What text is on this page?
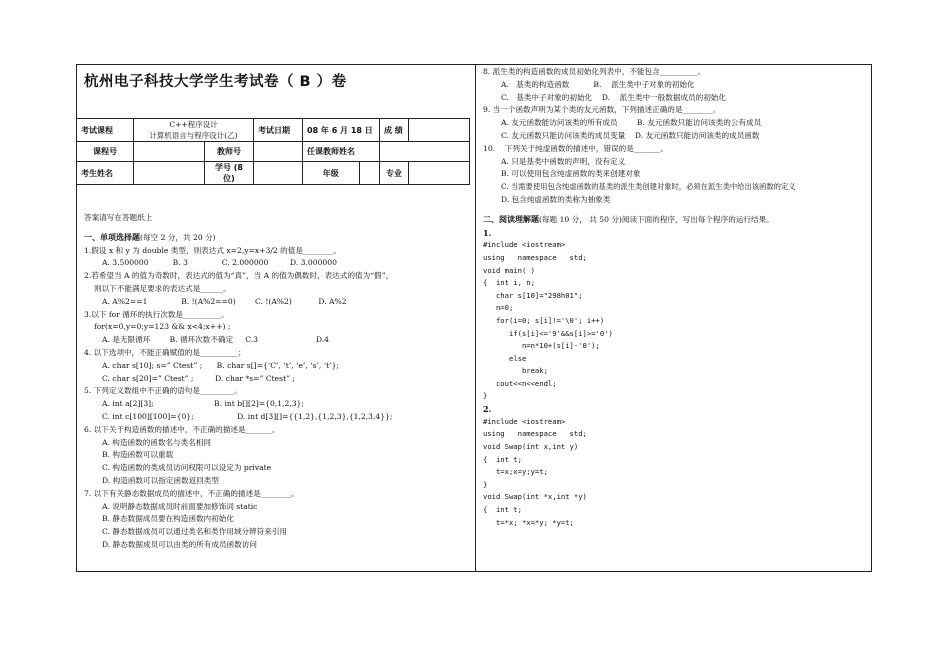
杭州电子科技大学学生考试卷（ B ）卷
考试课程	C++程序设计
计算机语言与程序设计(乙)		考试日期	08 年 6 月 18 日		成 绩	
课程号		教师号		任课教师姓名			
考生姓名		学号 (8 位)		年级		专业	
答案请写在答题纸上
一、单项选择题(每空 2 分，共 20 分)
1.假设 x 和 y 为 double 类型，则表达式 x=2,y=x+3/2 的值是________。
A. 3.500000          B. 3              C. 2.000000         D. 3.000000
2.若希望当 A 的值为奇数时，表达式的值为“真”，当 A 的值为偶数时，表达式的值为“假”，
则以下不能满足要求的表达式是______。
A. A%2==1              B. !(A%2==0)        C. !(A%2)           D. A%2
3.以下 for 循环的执行次数是__________。
for(x=0,y=0;y=123 && x<4;x++) ;
A. 是无限循环        B. 循环次数不确定     C.3                        D.4
4. 以下选项中，不能正确赋值的是__________；
A. char s[10]; s=” Ctest” ;      B. char s[]={‘C’, ‘t’, ‘e’, ‘s’, ‘t’};
C. char s[20]=” Ctest” ;         D. char *s=” Ctest” ;
5. 下列定义数组中不正确的语句是_________。
A. int a[2][3];                         B. int b[][2]={0,1,2,3};
C. int c[100][100]={0};                  D. int d[3][]={{1,2},{1,2,3},{1,2,3,4}};
6. 以下关于构造函数的描述中，不正确的描述是_______。
A. 构造函数的函数名与类名相同
B. 构造函数可以重载
C. 构造函数的类成员访问权限可以设定为 private
D. 构造函数可以指定函数返回类型
7. 以下有关静态数据成员的描述中，不正确的描述是________。
A. 说明静态数据成员时前面要加修饰词 static
B. 静态数据成员要在构造函数内初始化
C. 静态数据成员可以通过类名和类作用域分辨符来引用
D. 静态数据成员可以由类的所有成员函数访问
8. 派生类的构造函数的成员初始化列表中，不能包含__________。
A.   基类的构造函数          B.    派生类中子对象的初始化
C.   基类中子对象的初始化    D.    派生类中一般数据成员的初始化
9. 当一个函数声明为某个类的友元函数，下列描述正确的是________。
A. 友元函数能访问该类的所有成员        B. 友元函数只能访问该类的公有成员
C. 友元函数只能访问该类的成员变量    D. 友元函数只能访问该类的成员函数
10.    下列关于纯虚函数的描述中，错误的是_______。
A. 只是基类中函数的声明，没有定义
B. 可以使用包含纯虚函数的类来创建对象
C. 当需要使用包含纯虚函数的基类的派生类创建对象时，必须在派生类中给出该函数的定义
D. 包含纯虚函数的类称为抽象类
二、阅读理解题(每题 10 分， 共 50 分)阅读下面的程序，写出每个程序的运行结果。
1.
#include <iostream>
using   namespace   std;
void main( )
{  int i, n;
char s[10]="298h01";
n=0;
for(i=0; s[i]!='\0'; i++)
if(s[i]<='9'&&s[i]>='0')
n=n*10+(s[i]-'0');
else
break;
cout<<n<<endl;
}
2.
#include <iostream>
using   namespace   std;
void Swap(int x,int y)
{  int t;
t=x;x=y;y=t;
}
void Swap(int *x,int *y)
{  int t;
t=*x; *x=*y; *y=t;
